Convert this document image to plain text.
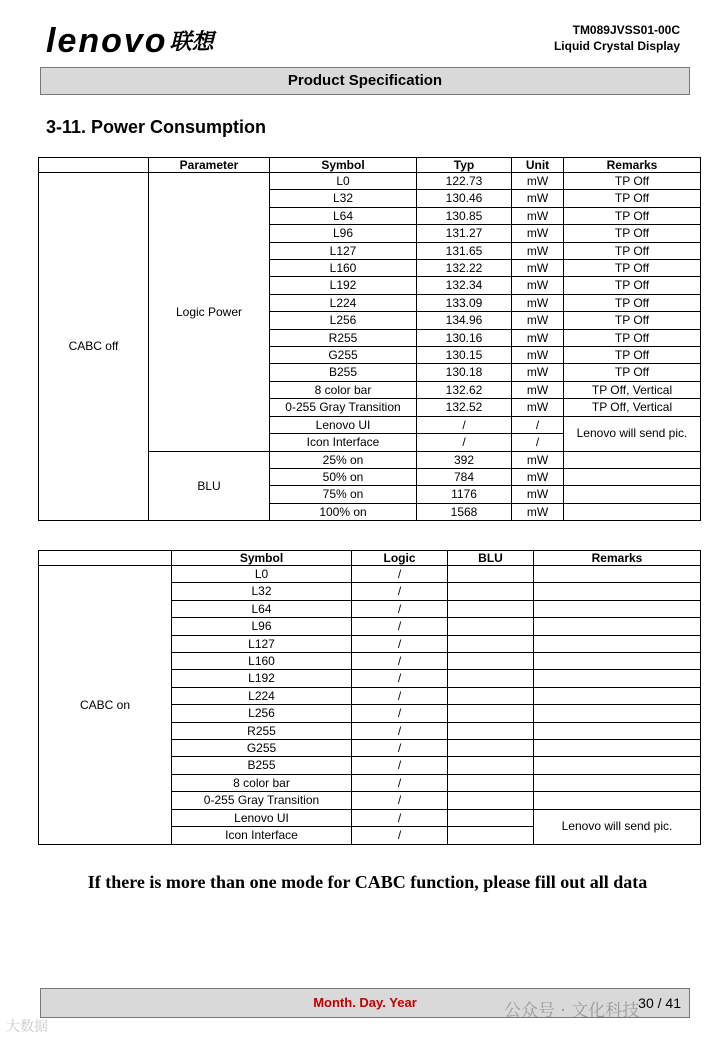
lenovo 联想	TM089JVSS01-00C
Liquid Crystal Display
Product Specification
3-11. Power Consumption
	Parameter	Symbol	Typ	Unit	Remarks
CABC off	Logic Power	L0	122.73	mW	TP Off
		L32	130.46	mW	TP Off
		L64	130.85	mW	TP Off
		L96	131.27	mW	TP Off
		L127	131.65	mW	TP Off
		L160	132.22	mW	TP Off
		L192	132.34	mW	TP Off
		L224	133.09	mW	TP Off
		L256	134.96	mW	TP Off
		R255	130.16	mW	TP Off
		G255	130.15	mW	TP Off
		B255	130.18	mW	TP Off
		8 color bar	132.62	mW	TP Off, Vertical
		0-255 Gray Transition	132.52	mW	TP Off, Vertical
		Lenovo UI	/	/	Lenovo will send pic.
		Icon Interface	/	/	
	BLU	25% on	392	mW	
		50% on	784	mW	
		75% on	1176	mW	
		100% on	1568	mW	
	Symbol	Logic	BLU	Remarks
CABC on	L0	/		
	L32	/		
	L64	/		
	L96	/		
	L127	/		
	L160	/		
	L192	/		
	L224	/		
	L256	/		
	R255	/		
	G255	/		
	B255	/		
	8 color bar	/		
	0-255 Gray Transition	/		
	Lenovo UI	/		Lenovo will send pic.
	Icon Interface	/		
If there is more than one mode for CABC function, please fill out all data
Month. Day. Year	30 / 41
公众号 · 文化科技
大数据
